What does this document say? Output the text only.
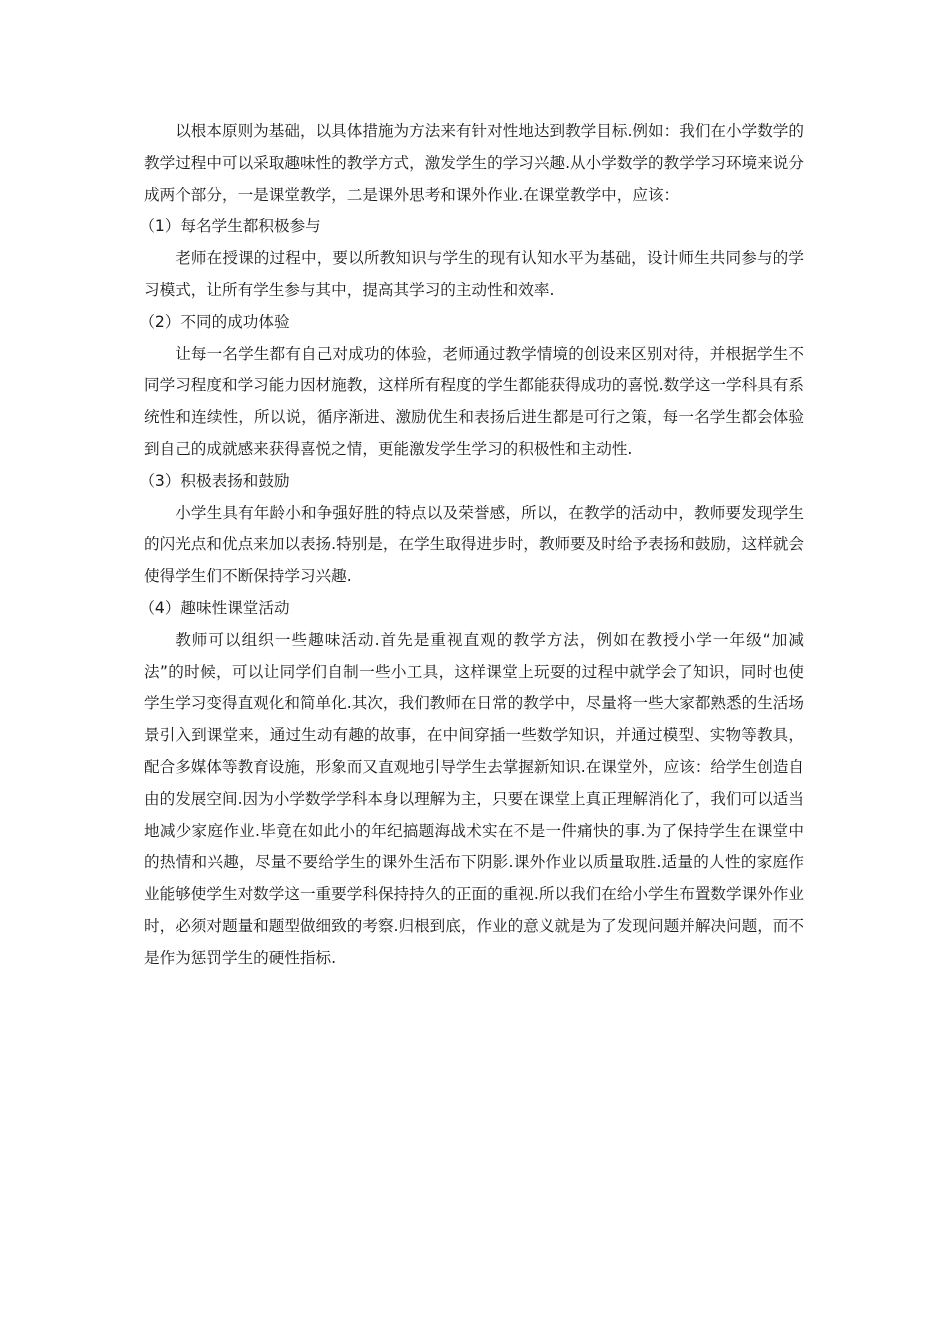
以根本原则为基础，以具体措施为方法来有针对性地达到教学目标.例如：我们在小学数学的教学过程中可以采取趣味性的教学方式，激发学生的学习兴趣.从小学数学的教学学习环境来说分成两个部分，一是课堂教学，二是课外思考和课外作业.在课堂教学中，应该：

（1）每名学生都积极参与

老师在授课的过程中，要以所教知识与学生的现有认知水平为基础，设计师生共同参与的学习模式，让所有学生参与其中，提高其学习的主动性和效率.

（2）不同的成功体验

让每一名学生都有自己对成功的体验，老师通过教学情境的创设来区别对待，并根据学生不同学习程度和学习能力因材施教，这样所有程度的学生都能获得成功的喜悦.数学这一学科具有系统性和连续性，所以说，循序渐进、激励优生和表扬后进生都是可行之策，每一名学生都会体验到自己的成就感来获得喜悦之情，更能激发学生学习的积极性和主动性.

（3）积极表扬和鼓励

小学生具有年龄小和争强好胜的特点以及荣誉感，所以，在教学的活动中，教师要发现学生的闪光点和优点来加以表扬.特别是，在学生取得进步时，教师要及时给予表扬和鼓励，这样就会使得学生们不断保持学习兴趣.

（4）趣味性课堂活动

教师可以组织一些趣味活动.首先是重视直观的教学方法，例如在教授小学一年级“加减法”的时候，可以让同学们自制一些小工具，这样课堂上玩耍的过程中就学会了知识，同时也使学生学习变得直观化和简单化.其次，我们教师在日常的教学中，尽量将一些大家都熟悉的生活场景引入到课堂来，通过生动有趣的故事，在中间穿插一些数学知识，并通过模型、实物等教具，配合多媒体等教育设施，形象而又直观地引导学生去掌握新知识.在课堂外，应该：给学生创造自由的发展空间.因为小学数学学科本身以理解为主，只要在课堂上真正理解消化了，我们可以适当地减少家庭作业.毕竟在如此小的年纪搞题海战术实在不是一件痛快的事.为了保持学生在课堂中的热情和兴趣，尽量不要给学生的课外生活布下阴影.课外作业以质量取胜.适量的人性的家庭作业能够使学生对数学这一重要学科保持持久的正面的重视.所以我们在给小学生布置数学课外作业时，必须对题量和题型做细致的考察.归根到底，作业的意义就是为了发现问题并解决问题，而不是作为惩罚学生的硬性指标.
